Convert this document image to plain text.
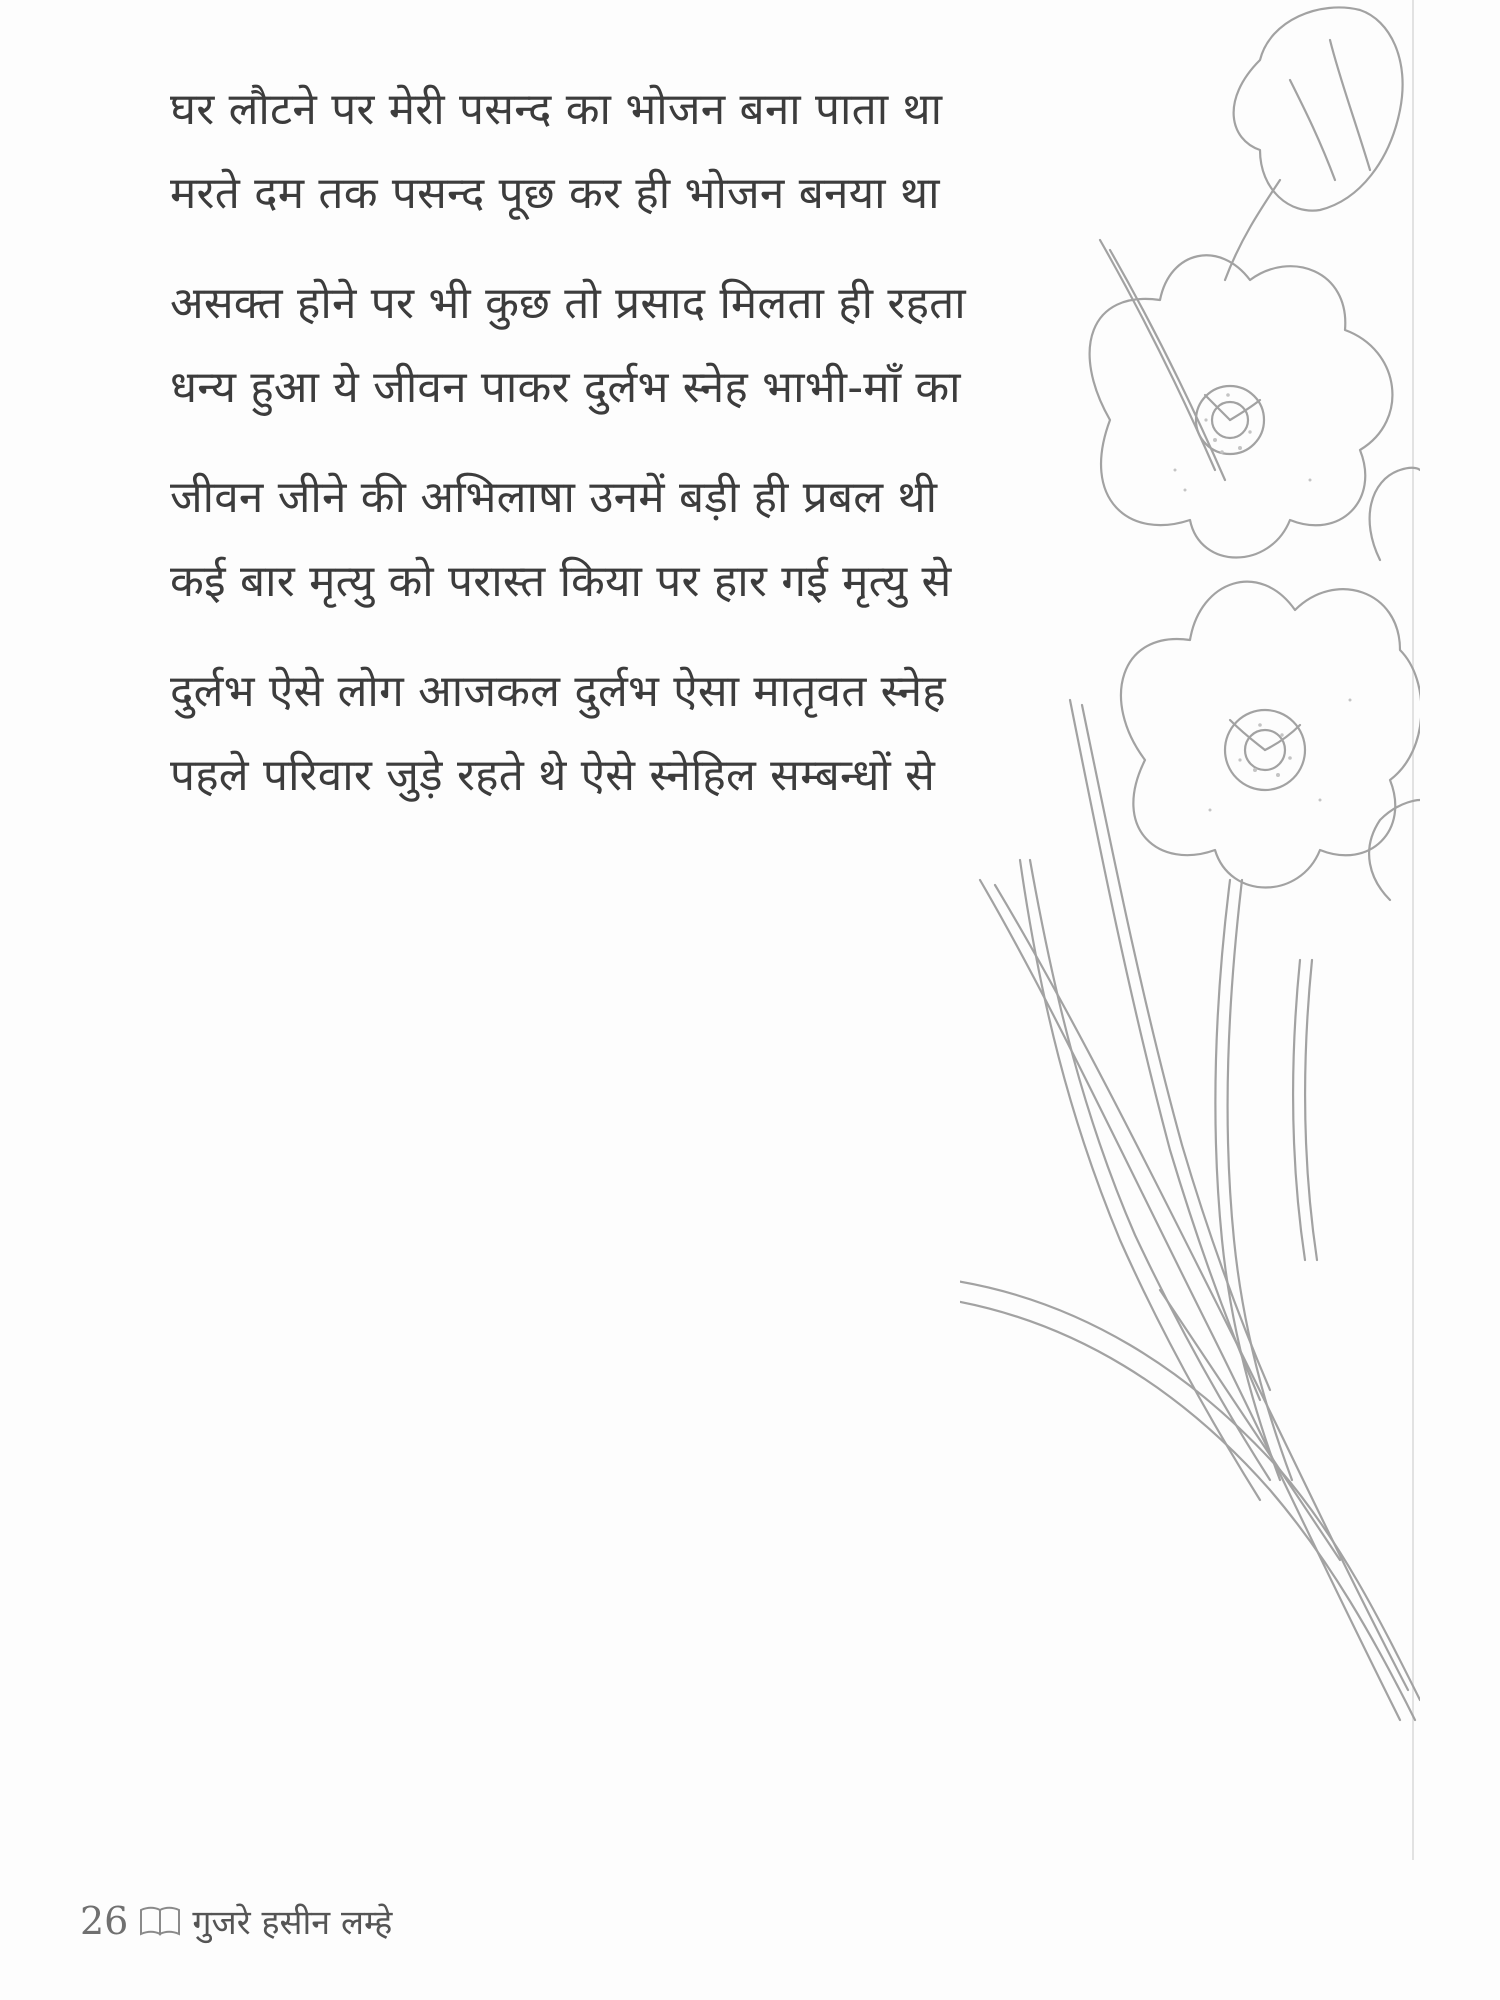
घर लौटने पर मेरी पसन्द का भोजन बना पाता था
मरते दम तक पसन्द पूछ कर ही भोजन बनया था
असक्त होने पर भी कुछ तो प्रसाद मिलता ही रहता
धन्य हुआ ये जीवन पाकर दुर्लभ स्नेह भाभी-माँ का
जीवन जीने की अभिलाषा उनमें बड़ी ही प्रबल थी
कई बार मृत्यु को परास्त किया पर हार गई मृत्यु से
दुर्लभ ऐसे लोग आजकल दुर्लभ ऐसा मातृवत स्नेह
पहले परिवार जुड़े रहते थे ऐसे स्नेहिल सम्बन्धों से
26 गुजरे हसीन लम्हे
